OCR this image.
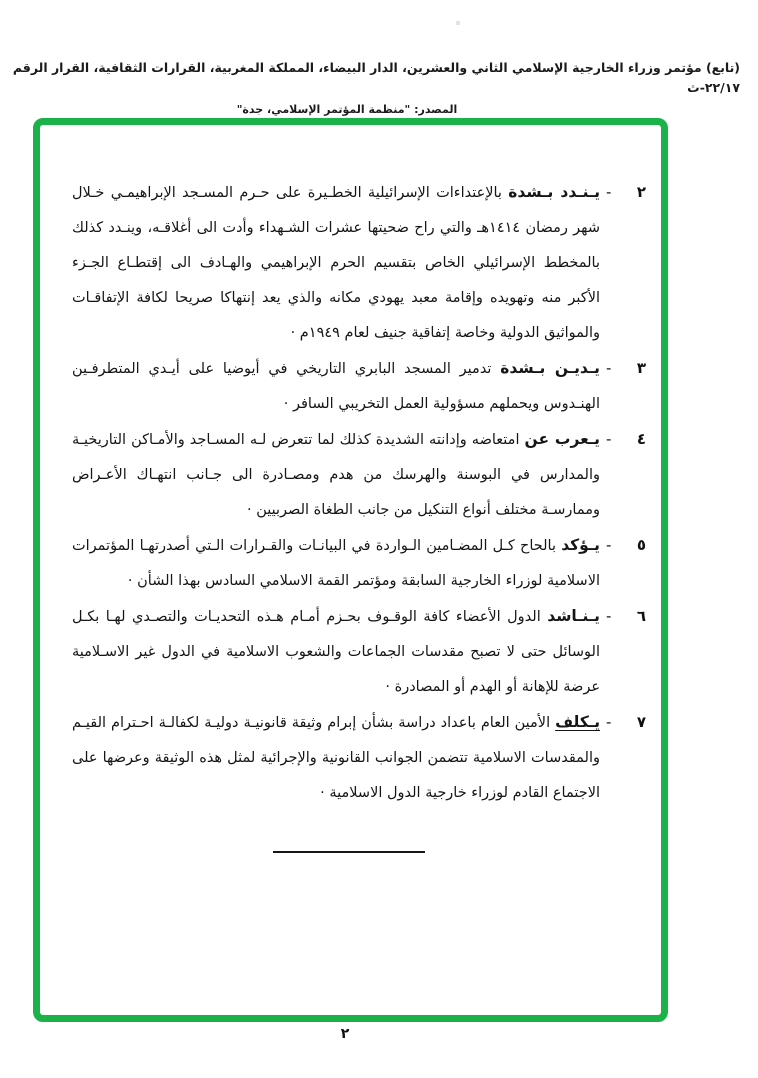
(تابع) مؤتمر وزراء الخارجية الإسلامي الثاني والعشرين، الدار البيضاء، المملكة المغربية، القرارات الثقافية، القرار الرقم ٢٢/١٧-ث
المصدر: "منظمة المؤتمر الإسلامي، جدة"
٢
-

يـنـدد بـشدة بالإعتداءات الإسرائيلية الخطـيرة على حـرم المسـجد الإبراهيمـي خـلال شهر رمضان ١٤١٤هـ والتي راح ضحيتها عشرات الشـهداء وأدت الى أغلاقـه، وينـدد كذلك بالمخطط الإسرائيلي الخاص بتقسيم الحرم الإبراهيمي والهـادف الى إقتطـاع الجـزء الأكبر منه وتهويده وإقامة معبد يهودي مكانه والذي يعد إنتهاكا صريحا لكافة الإتفاقـات والمواثيق الدولية وخاصة إتفاقية جنيف لعام ١٩٤٩م ·

٣
-

يـديـن بـشدة تدمير المسجد البابري التاريخي في أيوضيا على أيـدي المتطرفـين الهنـدوس ويحملهم مسؤولية العمل التخريبي السافر ·

٤
-

يـعرب عن امتعاضه وإدانته الشديدة كذلك لما تتعرض لـه المسـاجد والأمـاكن التاريخيـة والمدارس في البوسنة والهرسك من هدم ومصـادرة الى جـانب انتهـاك الأعـراض وممارسـة مختلف أنواع التنكيل من جانب الطغاة الصربيين ·

٥
-

يـؤكد بالحاح كـل المضـامين الـواردة في البيانـات والقـرارات الـتي أصدرتهـا المؤتمرات الاسلامية لوزراء الخارجية السابقة ومؤتمر القمة الاسلامي السادس بهذا الشأن ·

٦
-

يـنـاشد الدول الأعضاء كافة الوقـوف بحـزم أمـام هـذه التحديـات والتصـدي لهـا بكـل الوسائل حتى لا تصبح مقدسات الجماعات والشعوب الاسلامية في الدول غير الاسـلامية عرضة للإهانة أو الهدم أو المصادرة ·

٧
-

يـكلف الأمين العام باعداد دراسة بشأن إبرام وثيقة قانونيـة دوليـة لكفالـة احـترام القيـم والمقدسات الاسلامية تتضمن الجوانب القانونية والإجرائية لمثل هذه الوثيقة وعرضها على الاجتماع القادم لوزراء خارجية الدول الاسلامية ·

٢
